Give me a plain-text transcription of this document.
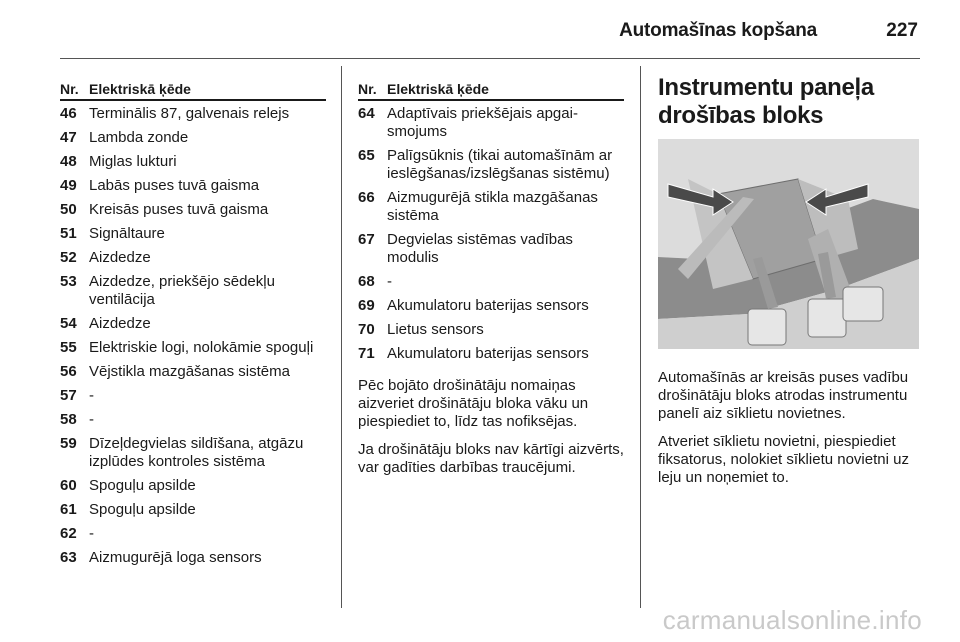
Automašīnas kopšana	227
Nr. Elektriskā ķēde
46 Terminālis 87, galvenais relejs
47 Lambda zonde
48 Miglas lukturi
49 Labās puses tuvā gaisma
50 Kreisās puses tuvā gaisma
51 Signāltaure
52 Aizdedze
53 Aizdedze, priekšējo sēdekļu ventilācija
54 Aizdedze
55 Elektriskie logi, nolokāmie spoguļi
56 Vējstikla mazgāšanas sistēma
57 -
58 -
59 Dīzeļdegvielas sildīšana, atgāzu izplūdes kontroles sistēma
60 Spoguļu apsilde
61 Spoguļu apsilde
62 -
63 Aizmugurējā loga sensors
Nr. Elektriskā ķēde
64 Adaptīvais priekšējais apgai-smojums
65 Palīgsūknis (tikai automašīnām ar ieslēgšanas/izslēgšanas sistēmu)
66 Aizmugurējā stikla mazgāšanas sistēma
67 Degvielas sistēmas vadības modulis
68 -
69 Akumulatoru baterijas sensors
70 Lietus sensors
71 Akumulatoru baterijas sensors

Pēc bojāto drošinātāju nomaiņas aizveriet drošinātāju bloka vāku un piespiediet to, līdz tas nofiksējas.

Ja drošinātāju bloks nav kārtīgi aizvērts, var gadīties darbības traucējumi.

Instrumentu paneļa drošības bloks

Automašīnās ar kreisās puses vadību drošinātāju bloks atrodas instrumentu panelī aiz sīklietu novietnes.

Atveriet sīklietu novietni, piespiediet fiksatorus, nolokiet sīklietu novietni uz leju un noņemiet to.

carmanualsonline.info
